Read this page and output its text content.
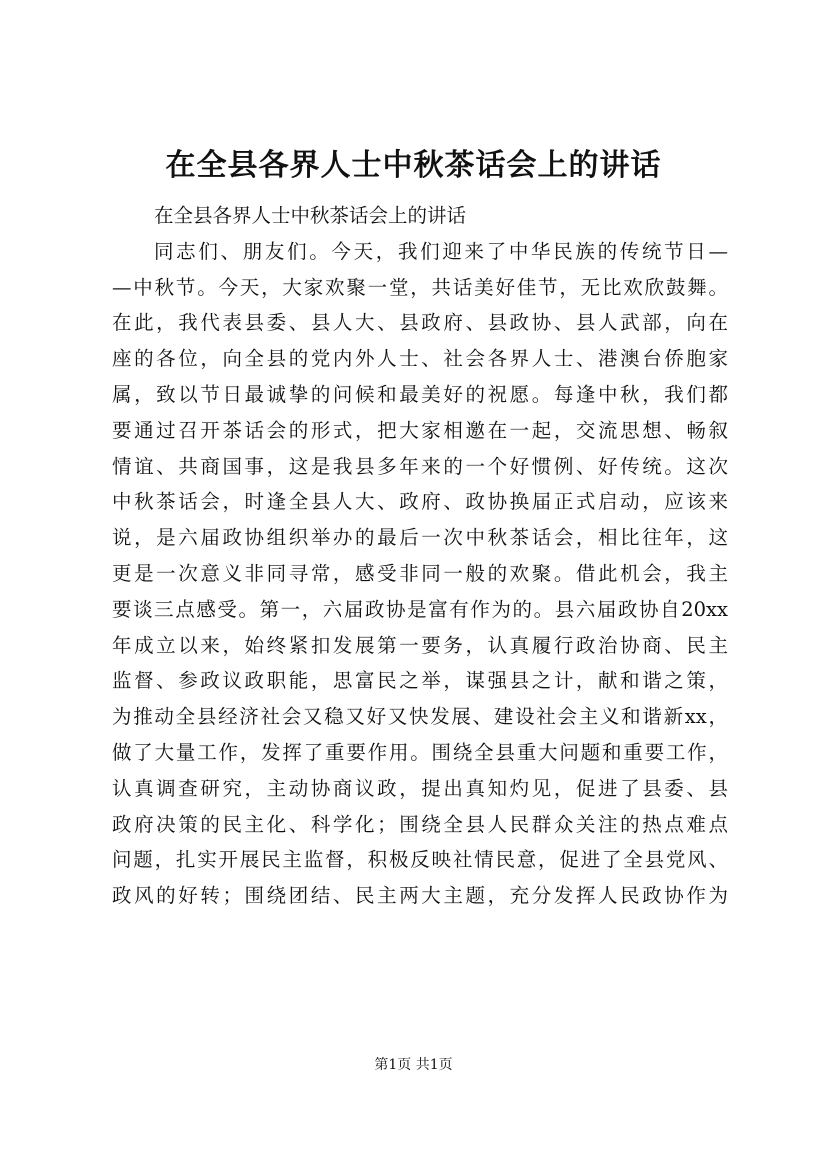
在全县各界人士中秋茶话会上的讲话
在全县各界人士中秋茶话会上的讲话
同志们、朋友们。今天，我们迎来了中华民族的传统节日—
—中秋节。今天，大家欢聚一堂，共话美好佳节，无比欢欣鼓舞。
在此，我代表县委、县人大、县政府、县政协、县人武部，向在
座的各位，向全县的党内外人士、社会各界人士、港澳台侨胞家
属，致以节日最诚挚的问候和最美好的祝愿。每逢中秋，我们都
要通过召开茶话会的形式，把大家相邀在一起，交流思想、畅叙
情谊、共商国事，这是我县多年来的一个好惯例、好传统。这次
中秋茶话会，时逢全县人大、政府、政协换届正式启动，应该来
说，是六届政协组织举办的最后一次中秋茶话会，相比往年，这
更是一次意义非同寻常，感受非同一般的欢聚。借此机会，我主
要谈三点感受。第一，六届政协是富有作为的。县六届政协自20xx
年成立以来，始终紧扣发展第一要务，认真履行政治协商、民主
监督、参政议政职能，思富民之举，谋强县之计，献和谐之策，
为推动全县经济社会又稳又好又快发展、建设社会主义和谐新xx，
做了大量工作，发挥了重要作用。围绕全县重大问题和重要工作，
认真调查研究，主动协商议政，提出真知灼见，促进了县委、县
政府决策的民主化、科学化；围绕全县人民群众关注的热点难点
问题，扎实开展民主监督，积极反映社情民意，促进了全县党风、
政风的好转；围绕团结、民主两大主题，充分发挥人民政协作为
第1页 共1页
